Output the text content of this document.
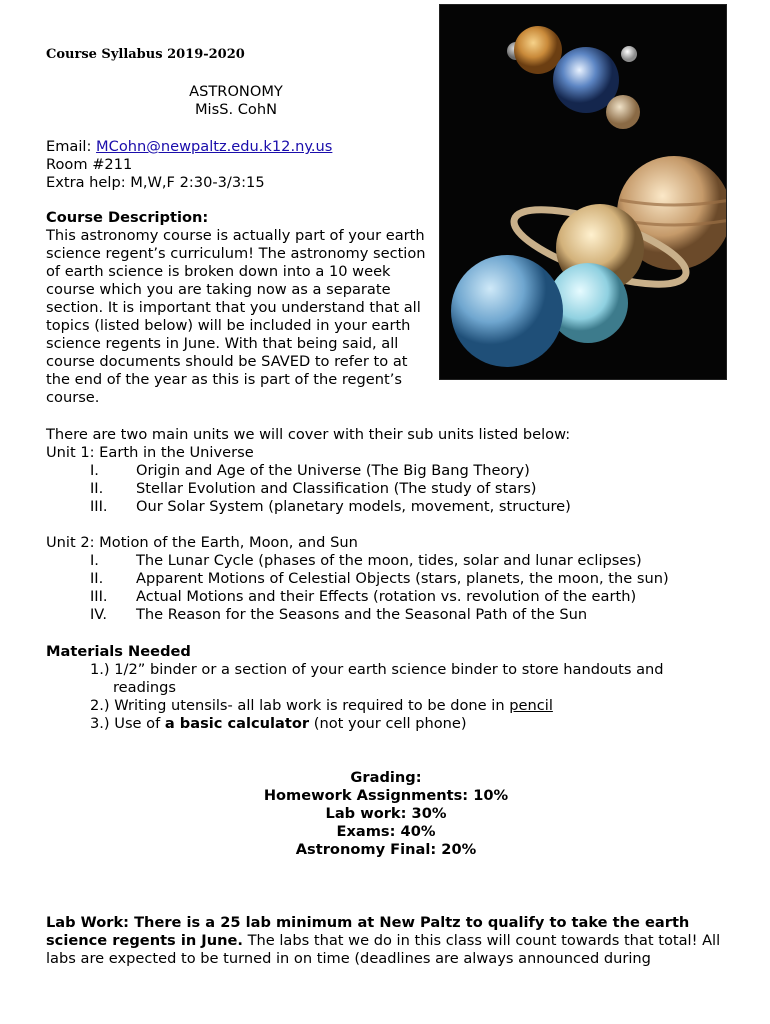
Course Syllabus 2019-2020
ASTRONOMY
MisS. CohN
Email: MCohn@newpaltz.edu.k12.ny.us
Room #211
Extra help: M,W,F 2:30-3/3:15
Course Description:
This astronomy course is actually part of your earth science regent’s curriculum! The astronomy section of earth science is broken down into a 10 week course which you are taking now as a separate section. It is important that you understand that all topics (listed below) will be included in your earth science regents in June. With that being said, all course documents should be SAVED to refer to at the end of the year as this is part of the regent’s course.
There are two main units we will cover with their sub units listed below:
Unit 1: Earth in the Universe
I.	Origin and Age of the Universe (The Big Bang Theory)
II.	Stellar Evolution and Classification (The study of stars)
III.	Our Solar System (planetary models, movement, structure)
Unit 2: Motion of the Earth, Moon, and Sun
I.	The Lunar Cycle (phases of the moon, tides, solar and lunar eclipses)
II.	Apparent Motions of Celestial Objects (stars, planets, the moon, the sun)
III.	Actual Motions and their Effects (rotation vs. revolution of the earth)
IV.	The Reason for the Seasons and the Seasonal Path of the Sun
Materials Needed
1.) 1/2” binder or a section of your earth science binder to store handouts and
readings
2.) Writing utensils- all lab work is required to be done in pencil
3.) Use of a basic calculator (not your cell phone)
Grading:
Homework Assignments: 10%
Lab work: 30%
Exams: 40%
Astronomy Final: 20%
Lab Work: There is a 25 lab minimum at New Paltz to qualify to take the earth science regents in June. The labs that we do in this class will count towards that total! All labs are expected to be turned in on time (deadlines are always announced during
